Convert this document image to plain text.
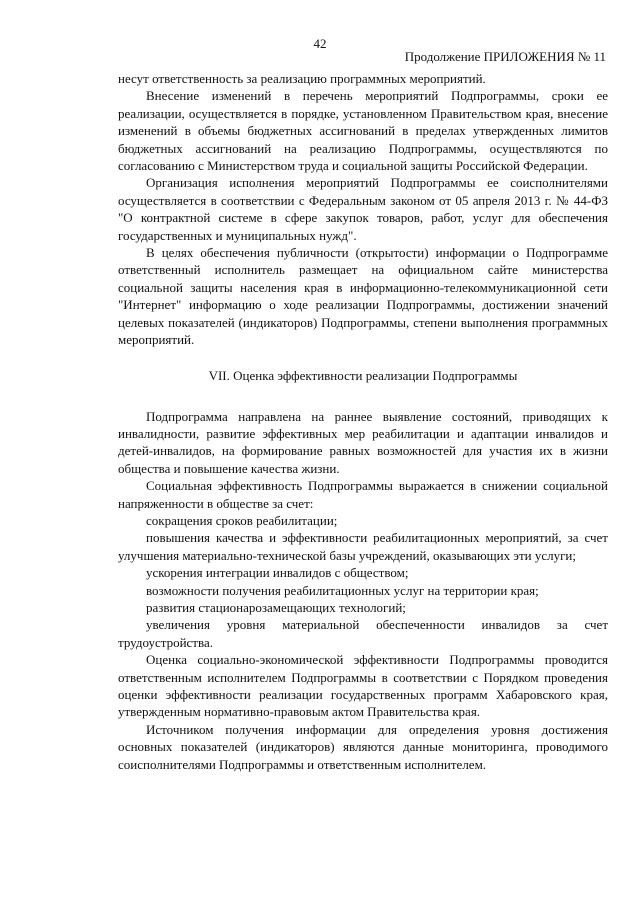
42
Продолжение ПРИЛОЖЕНИЯ № 11

несут ответственность за реализацию программных мероприятий.

Внесение изменений в перечень мероприятий Подпрограммы, сроки ее реализации, осуществляется в порядке, установленном Правительством края, внесение изменений в объемы бюджетных ассигнований в пределах утвержденных лимитов бюджетных ассигнований на реализацию Подпрограммы, осуществляются по согласованию с Министерством труда и социальной защиты Российской Федерации.

Организация исполнения мероприятий Подпрограммы ее соисполнителями осуществляется в соответствии с Федеральным законом от 05 апреля 2013 г. № 44-ФЗ "О контрактной системе в сфере закупок товаров, работ, услуг для обеспечения государственных и муниципальных нужд".

В целях обеспечения публичности (открытости) информации о Подпрограмме ответственный исполнитель размещает на официальном сайте министерства социальной защиты населения края в информационно-телекоммуникационной сети "Интернет" информацию о ходе реализации Подпрограммы, достижении значений целевых показателей (индикаторов) Подпрограммы, степени выполнения программных мероприятий.

VII. Оценка эффективности реализации Подпрограммы

Подпрограмма направлена на раннее выявление состояний, приводящих к инвалидности, развитие эффективных мер реабилитации и адаптации инвалидов и детей-инвалидов, на формирование равных возможностей для участия их в жизни общества и повышение качества жизни.

Социальная эффективность Подпрограммы выражается в снижении социальной напряженности в обществе за счет:

сокращения сроков реабилитации;

повышения качества и эффективности реабилитационных мероприятий, за счет улучшения материально-технической базы учреждений, оказывающих эти услуги;

ускорения интеграции инвалидов с обществом;

возможности получения реабилитационных услуг на территории края;

развития стационарозамещающих технологий;

увеличения уровня материальной обеспеченности инвалидов за счет трудоустройства.

Оценка социально-экономической эффективности Подпрограммы проводится ответственным исполнителем Подпрограммы в соответствии с Порядком проведения оценки эффективности реализации государственных программ Хабаровского края, утвержденным нормативно-правовым актом Правительства края.

Источником получения информации для определения уровня достижения основных показателей (индикаторов) являются данные мониторинга, проводимого соисполнителями Подпрограммы и ответственным исполнителем.
